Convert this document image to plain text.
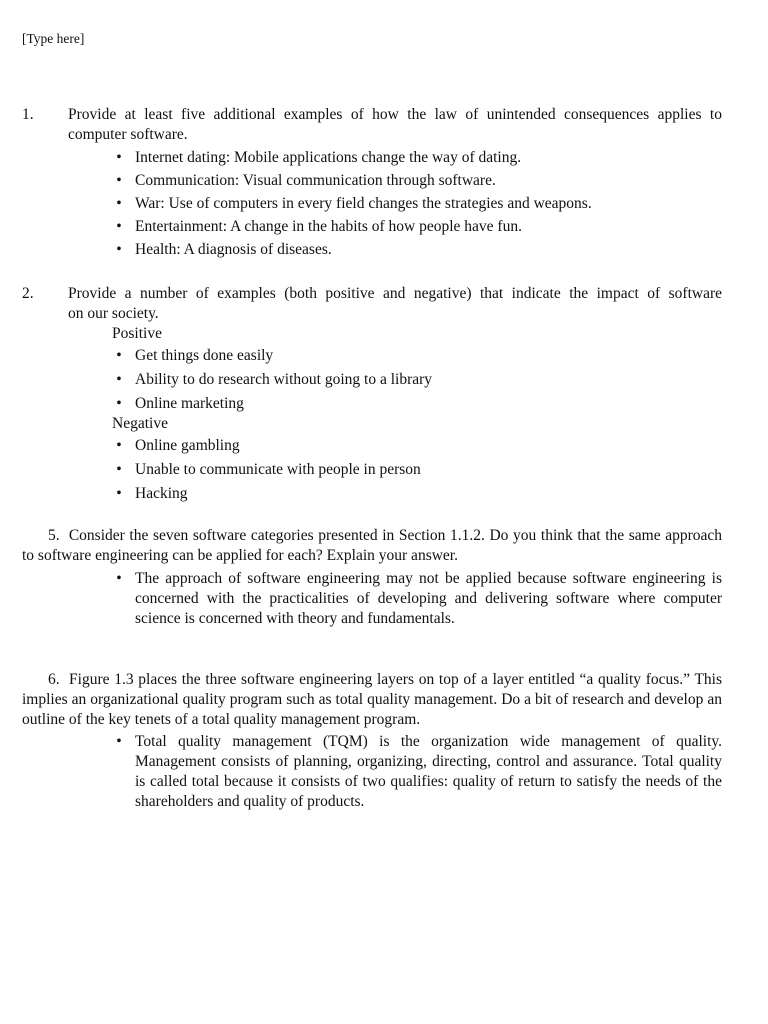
[Type here]
1.	Provide at least five additional examples of how the law of unintended consequences applies to
computer software.
• Internet dating: Mobile applications change the way of dating.
• Communication: Visual communication through software.
• War: Use of computers in every field changes the strategies and weapons.
• Entertainment: A change in the habits of how people have fun.
• Health: A diagnosis of diseases.
2.	Provide a number of examples (both positive and negative) that indicate the impact of software
on our society.
Positive
• Get things done easily
• Ability to do research without going to a library
• Online marketing
Negative
• Online gambling
• Unable to communicate with people in person
• Hacking
5. Consider the seven software categories presented in Section 1.1.2. Do you think that the same approach to software engineering can be applied for each? Explain your answer.
• The approach of software engineering may not be applied because software engineering is concerned with the practicalities of developing and delivering software where computer science is concerned with theory and fundamentals.
6. Figure 1.3 places the three software engineering layers on top of a layer entitled “a quality focus.” This implies an organizational quality program such as total quality management. Do a bit of research and develop an outline of the key tenets of a total quality management program.
• Total quality management (TQM) is the organization wide management of quality. Management consists of planning, organizing, directing, control and assurance. Total quality is called total because it consists of two qualifies: quality of return to satisfy the needs of the shareholders and quality of products.
